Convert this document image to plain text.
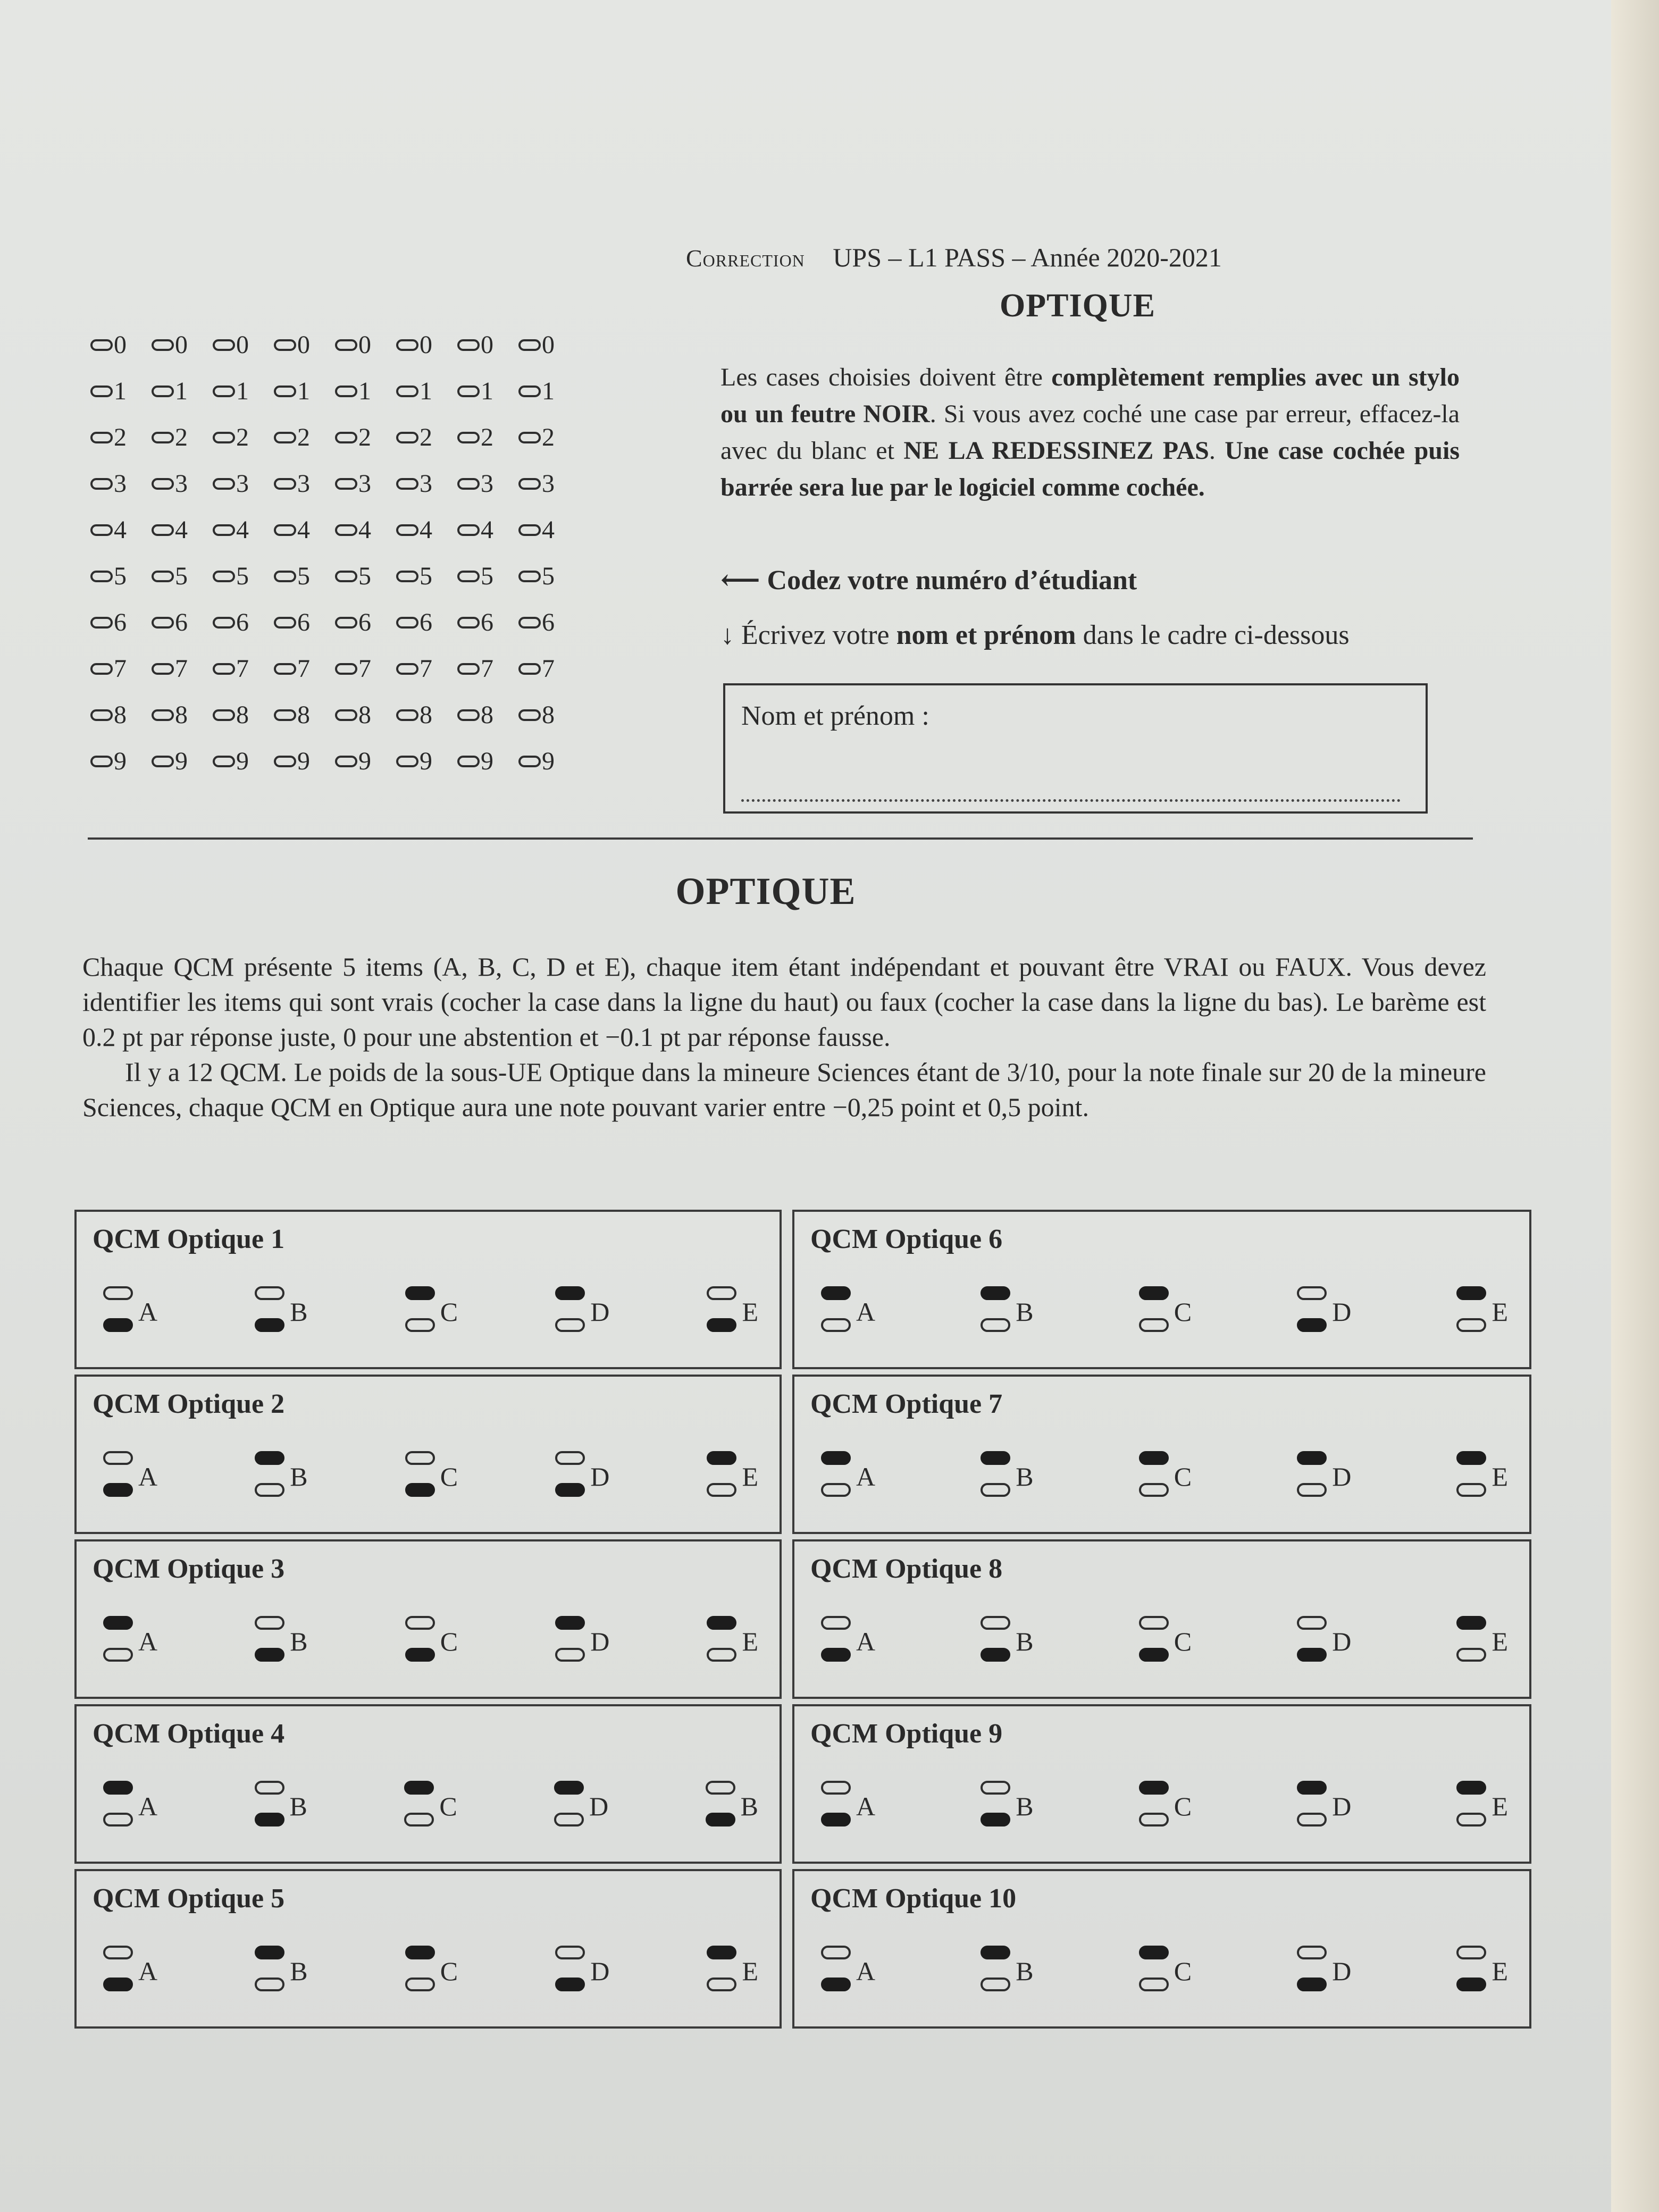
Correction UPS – L1 PASS – Année 2020-2021
OPTIQUE
0 0 0 0 0 0 0 0
1 1 1 1 1 1 1 1
2 2 2 2 2 2 2 2
3 3 3 3 3 3 3 3
4 4 4 4 4 4 4 4
5 5 5 5 5 5 5 5
6 6 6 6 6 6 6 6
7 7 7 7 7 7 7 7
8 8 8 8 8 8 8 8
9 9 9 9 9 9 9 9
Les cases choisies doivent être complètement remplies avec un stylo ou un feutre NOIR. Si vous avez coché une case par erreur, effacez-la avec du blanc et NE LA REDESSINEZ PAS. Une case cochée puis barrée sera lue par le logiciel comme cochée.
⟵ Codez votre numéro d’étudiant
↓ Écrivez votre nom et prénom dans le cadre ci-dessous
Nom et prénom :
OPTIQUE

Chaque QCM présente 5 items (A, B, C, D et E), chaque item étant indépendant et pouvant être VRAI ou FAUX. Vous devez identifier les items qui sont vrais (cocher la case dans la ligne du haut) ou faux (cocher la case dans la ligne du bas). Le barème est 0.2 pt par réponse juste, 0 pour une abstention et −0.1 pt par réponse fausse.

Il y a 12 QCM. Le poids de la sous-UE Optique dans la mineure Sciences étant de 3/10, pour la note finale sur 20 de la mineure Sciences, chaque QCM en Optique aura une note pouvant varier entre −0,25 point et 0,5 point.

QCM Optique 1
A	B	C	D	E
QCM Optique 6
A	B	C	D	E
QCM Optique 2
A	B	C	D	E
QCM Optique 7
A	B	C	D	E
QCM Optique 3
A	B	C	D	E
QCM Optique 8
A	B	C	D	E
QCM Optique 4
A	B	C	D	B
QCM Optique 9
A	B	C	D	E
QCM Optique 5
A	B	C	D	E
QCM Optique 10
A	B	C	D	E
